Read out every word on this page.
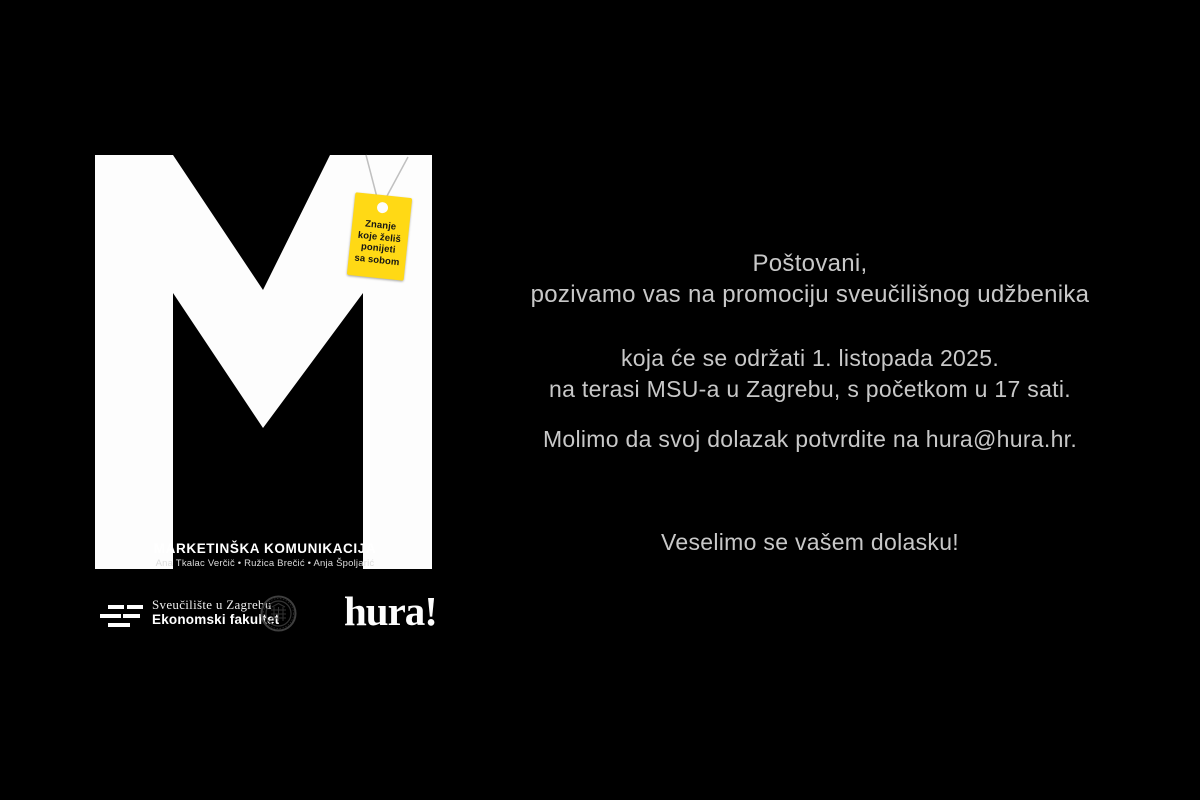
Znanje
koje želiš
ponijeti
sa sobom
MARKETINŠKA KOMUNIKACIJA
Ana Tkalac Verčič • Ružica Brečić • Anja Špoljarić
Sveučilište u Zagrebu
Ekonomski fakultet	hura!

Poštovani,
pozivamo vas na promociju sveučilišnog udžbenika

koja će se održati 1. listopada 2025.
na terasi MSU-a u Zagrebu, s početkom u 17 sati.

Molimo da svoj dolazak potvrdite na hura@hura.hr.

Veselimo se vašem dolasku!
